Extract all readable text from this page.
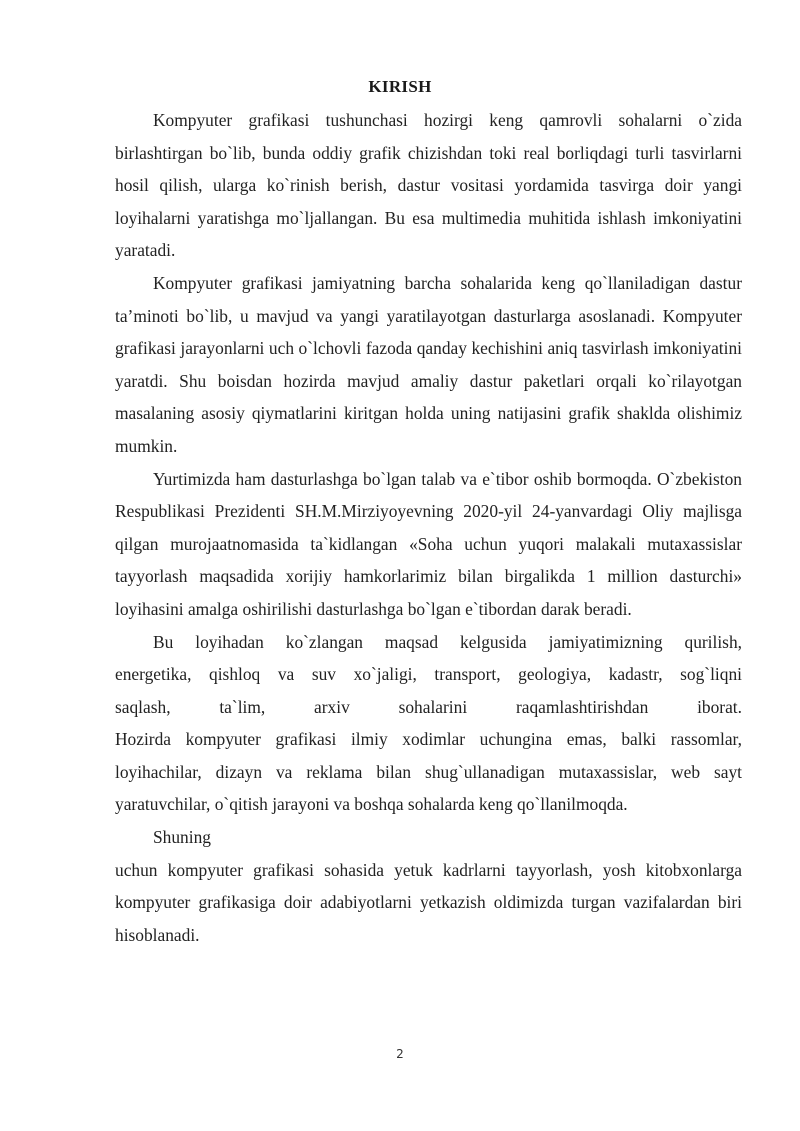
KIRISH

Kompyuter grafikasi tushunchasi hozirgi keng qamrovli sohalarni o`zida birlashtirgan bo`lib, bunda oddiy grafik chizishdan toki real borliqdagi turli tasvirlarni hosil qilish, ularga ko`rinish berish, dastur vositasi yordamida tasvirga doir yangi loyihalarni yaratishga mo`ljallangan. Bu esa multimedia muhitida ishlash imkoniyatini yaratadi.

Kompyuter grafikasi jamiyatning barcha sohalarida keng qo`llaniladigan dastur ta’minoti bo`lib, u mavjud va yangi yaratilayotgan dasturlarga asoslanadi. Kompyuter grafikasi jarayonlarni uch o`lchovli fazoda qanday kechishini aniq tasvirlash imkoniyatini yaratdi. Shu boisdan hozirda mavjud amaliy dastur paketlari orqali ko`rilayotgan masalaning asosiy qiymatlarini kiritgan holda uning natijasini grafik shaklda olishimiz mumkin.

Yurtimizda ham dasturlashga bo`lgan talab va e`tibor oshib bormoqda. O`zbekiston Respublikasi Prezidenti SH.M.Mirziyoyevning 2020-yil 24-yanvardagi Oliy majlisga qilgan murojaatnomasida ta`kidlangan «Soha uchun yuqori malakali mutaxassislar tayyorlash maqsadida xorijiy hamkorlarimiz bilan birgalikda 1 million dasturchi» loyihasini amalga oshirilishi dasturlashga bo`lgan e`tibordan darak beradi.

Bu loyihadan ko`zlangan maqsad kelgusida jamiyatimizning qurilish,
energetika, qishloq va suv xo`jaligi, transport, geologiya, kadastr, sog`liqni
saqlash, ta`lim, arxiv sohalarini raqamlashtirishdan iborat.

Hozirda kompyuter grafikasi ilmiy xodimlar uchungina emas, balki rassomlar, loyihachilar, dizayn va reklama bilan shug`ullanadigan mutaxassislar, web sayt yaratuvchilar, o`qitish jarayoni va boshqa sohalarda keng qo`llanilmoqda.

Shuning

uchun kompyuter grafikasi sohasida yetuk kadrlarni tayyorlash, yosh kitobxonlarga kompyuter grafikasiga doir adabiyotlarni yetkazish oldimizda turgan vazifalardan biri hisoblanadi.

2
